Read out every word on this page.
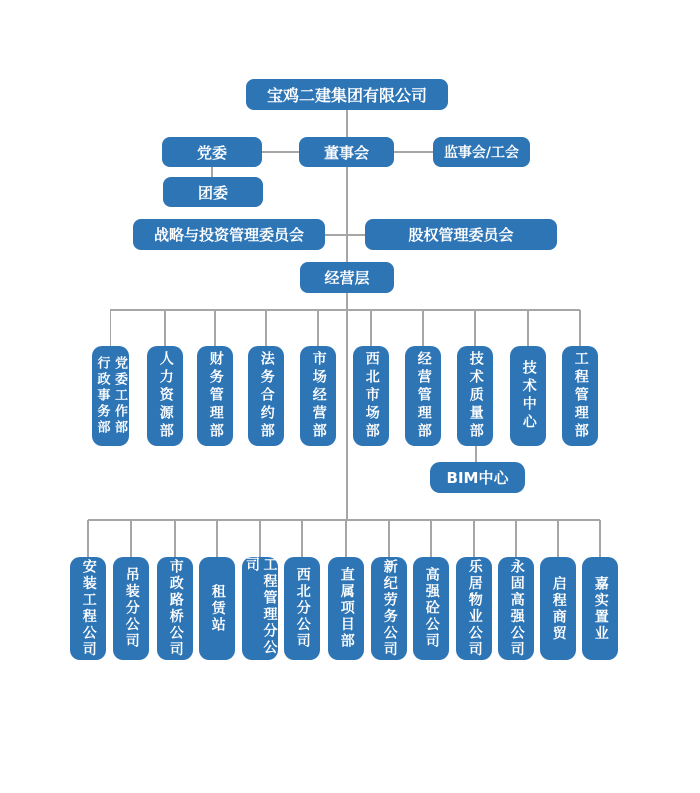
宝鸡二建集团有限公司
党委	董事会	监事会/工会
团委
战略与投资管理委员会	股权管理委员会
经营层
党委工作部
行政事务部	人力资源部 财务管理部	法务合约部	市场经营部	西北市场部	经营管理部	技术质量部	技术中心	工程管理部
BIM中心
安装工程公司 吊装分公司 市政路桥公司 租赁站	工程管理分公司
西北分公司 直属项目部 新纪劳务公司 高强砼公司 乐居物业公司 永固高强公司 启程商贸 嘉实置业
